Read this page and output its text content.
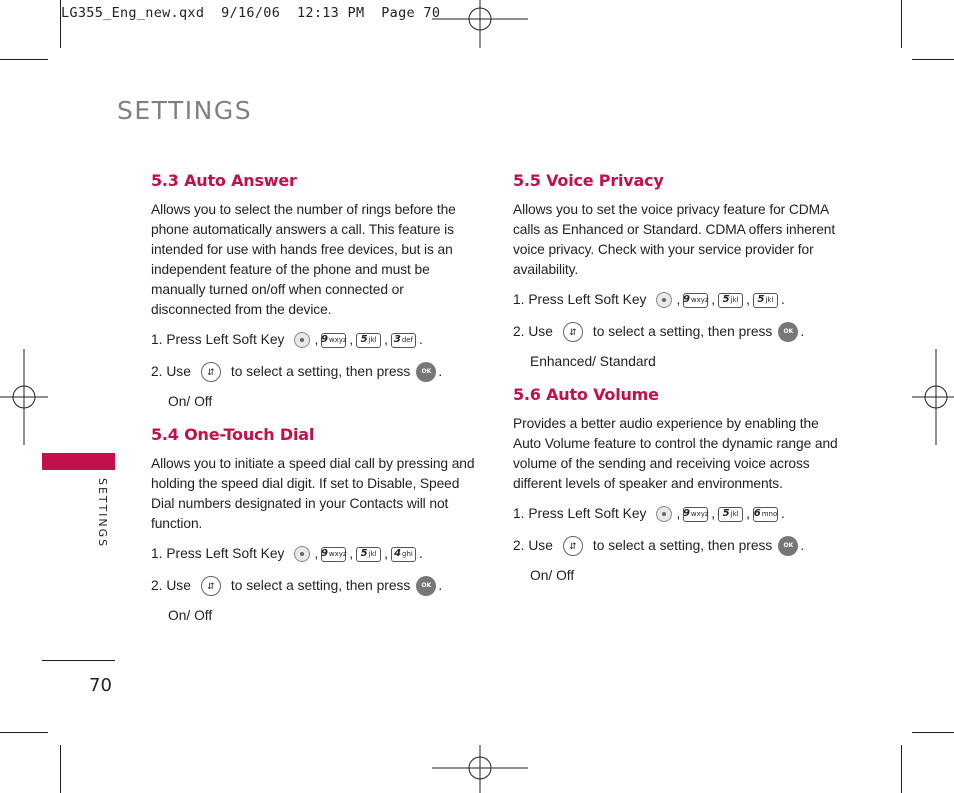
LG355_Eng_new.qxd  9/16/06  12:13 PM  Page 70
SETTINGS
SETTINGS
70
5.3 Auto Answer

Allows you to select the number of rings before the phone automatically answers a call. This feature is intended for use with hands free devices, but is an independent feature of the phone and must be manually turned on/off when connected or disconnected from the device.

1. Press Left Soft Key , 9 wxyz , 5 jkl , 3 def .
2. Use	⇵	to select a setting, then press	OK .

On/ Off

5.4 One-Touch Dial

Allows you to initiate a speed dial call by pressing and holding the speed dial digit. If set to Disable, Speed Dial numbers designated in your Contacts will not function.

1. Press Left Soft Key , 9 wxyz , 5 jkl , 4 ghi .
2. Use	⇵	to select a setting, then press	OK .

On/ Off

5.5 Voice Privacy

Allows you to set the voice privacy feature for CDMA calls as Enhanced or Standard. CDMA offers inherent voice privacy. Check with your service provider for availability.

1. Press Left Soft Key , 9 wxyz , 5 jkl , 5 jkl .
2. Use	⇵	to select a setting, then press	OK .

Enhanced/ Standard

5.6 Auto Volume

Provides a better audio experience by enabling the Auto Volume feature to control the dynamic range and volume of the sending and receiving voice across different levels of speaker and environments.

1. Press Left Soft Key , 9 wxyz , 5 jkl , 6 mno .
2. Use	⇵	to select a setting, then press	OK .

On/ Off
